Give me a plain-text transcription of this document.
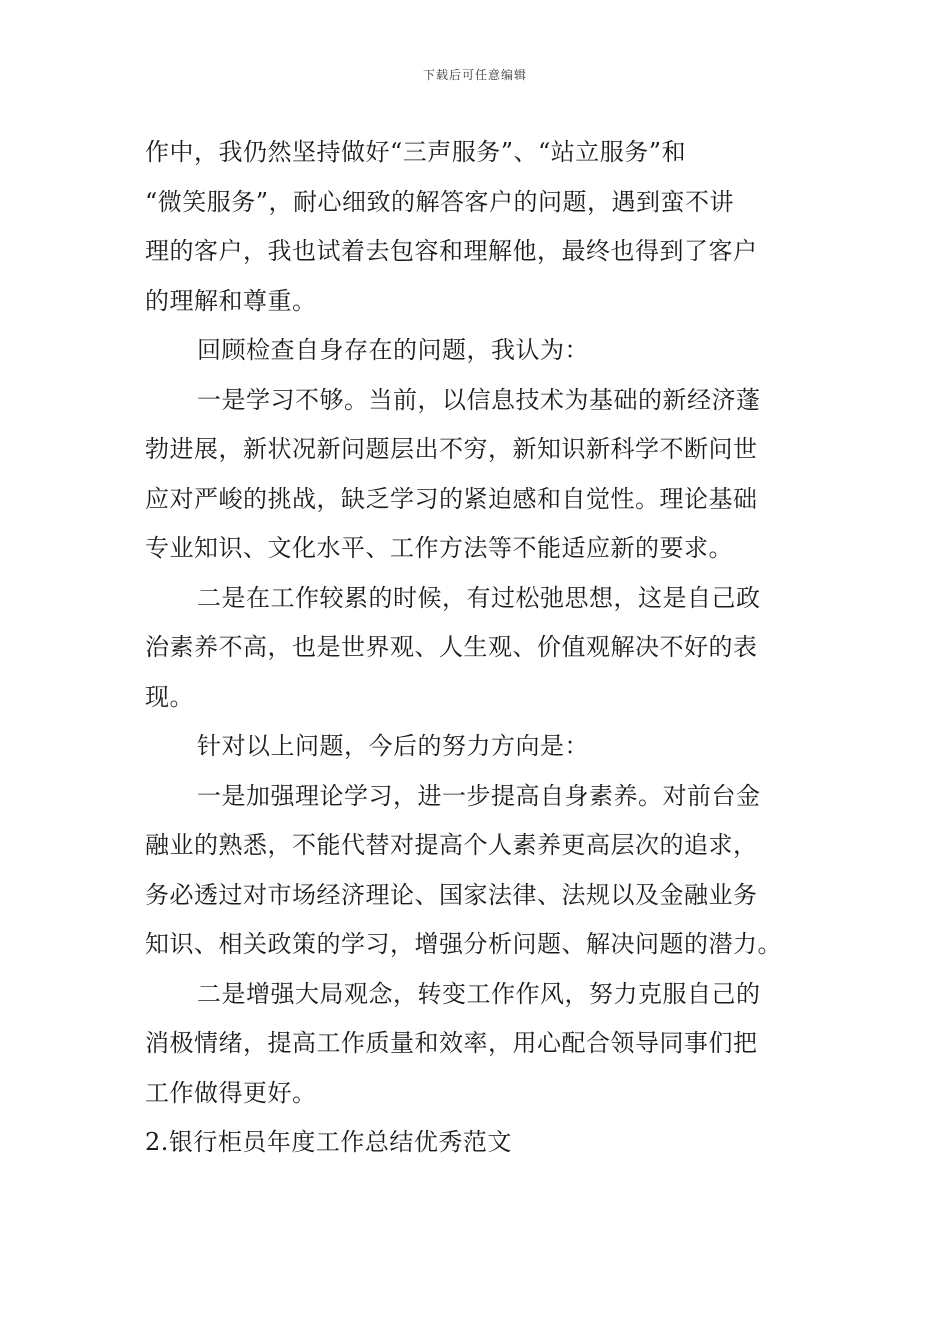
下载后可任意编辑
作中，我仍然坚持做好“三声服务”、“站立服务”和
“微笑服务”，耐心细致的解答客户的问题，遇到蛮不讲
理的客户，我也试着去包容和理解他，最终也得到了客户
的理解和尊重。
回顾检查自身存在的问题，我认为：
一是学习不够。当前，以信息技术为基础的新经济蓬
勃进展，新状况新问题层出不穷，新知识新科学不断问世
应对严峻的挑战，缺乏学习的紧迫感和自觉性。理论基础
专业知识、文化水平、工作方法等不能适应新的要求。
二是在工作较累的时候，有过松弛思想，这是自己政
治素养不高，也是世界观、人生观、价值观解决不好的表
现。
针对以上问题，今后的努力方向是：
一是加强理论学习，进一步提高自身素养。对前台金
融业的熟悉，不能代替对提高个人素养更高层次的追求，
务必透过对市场经济理论、国家法律、法规以及金融业务
知识、相关政策的学习，增强分析问题、解决问题的潜力。
二是增强大局观念，转变工作作风，努力克服自己的
消极情绪，提高工作质量和效率，用心配合领导同事们把
工作做得更好。
2.银行柜员年度工作总结优秀范文
